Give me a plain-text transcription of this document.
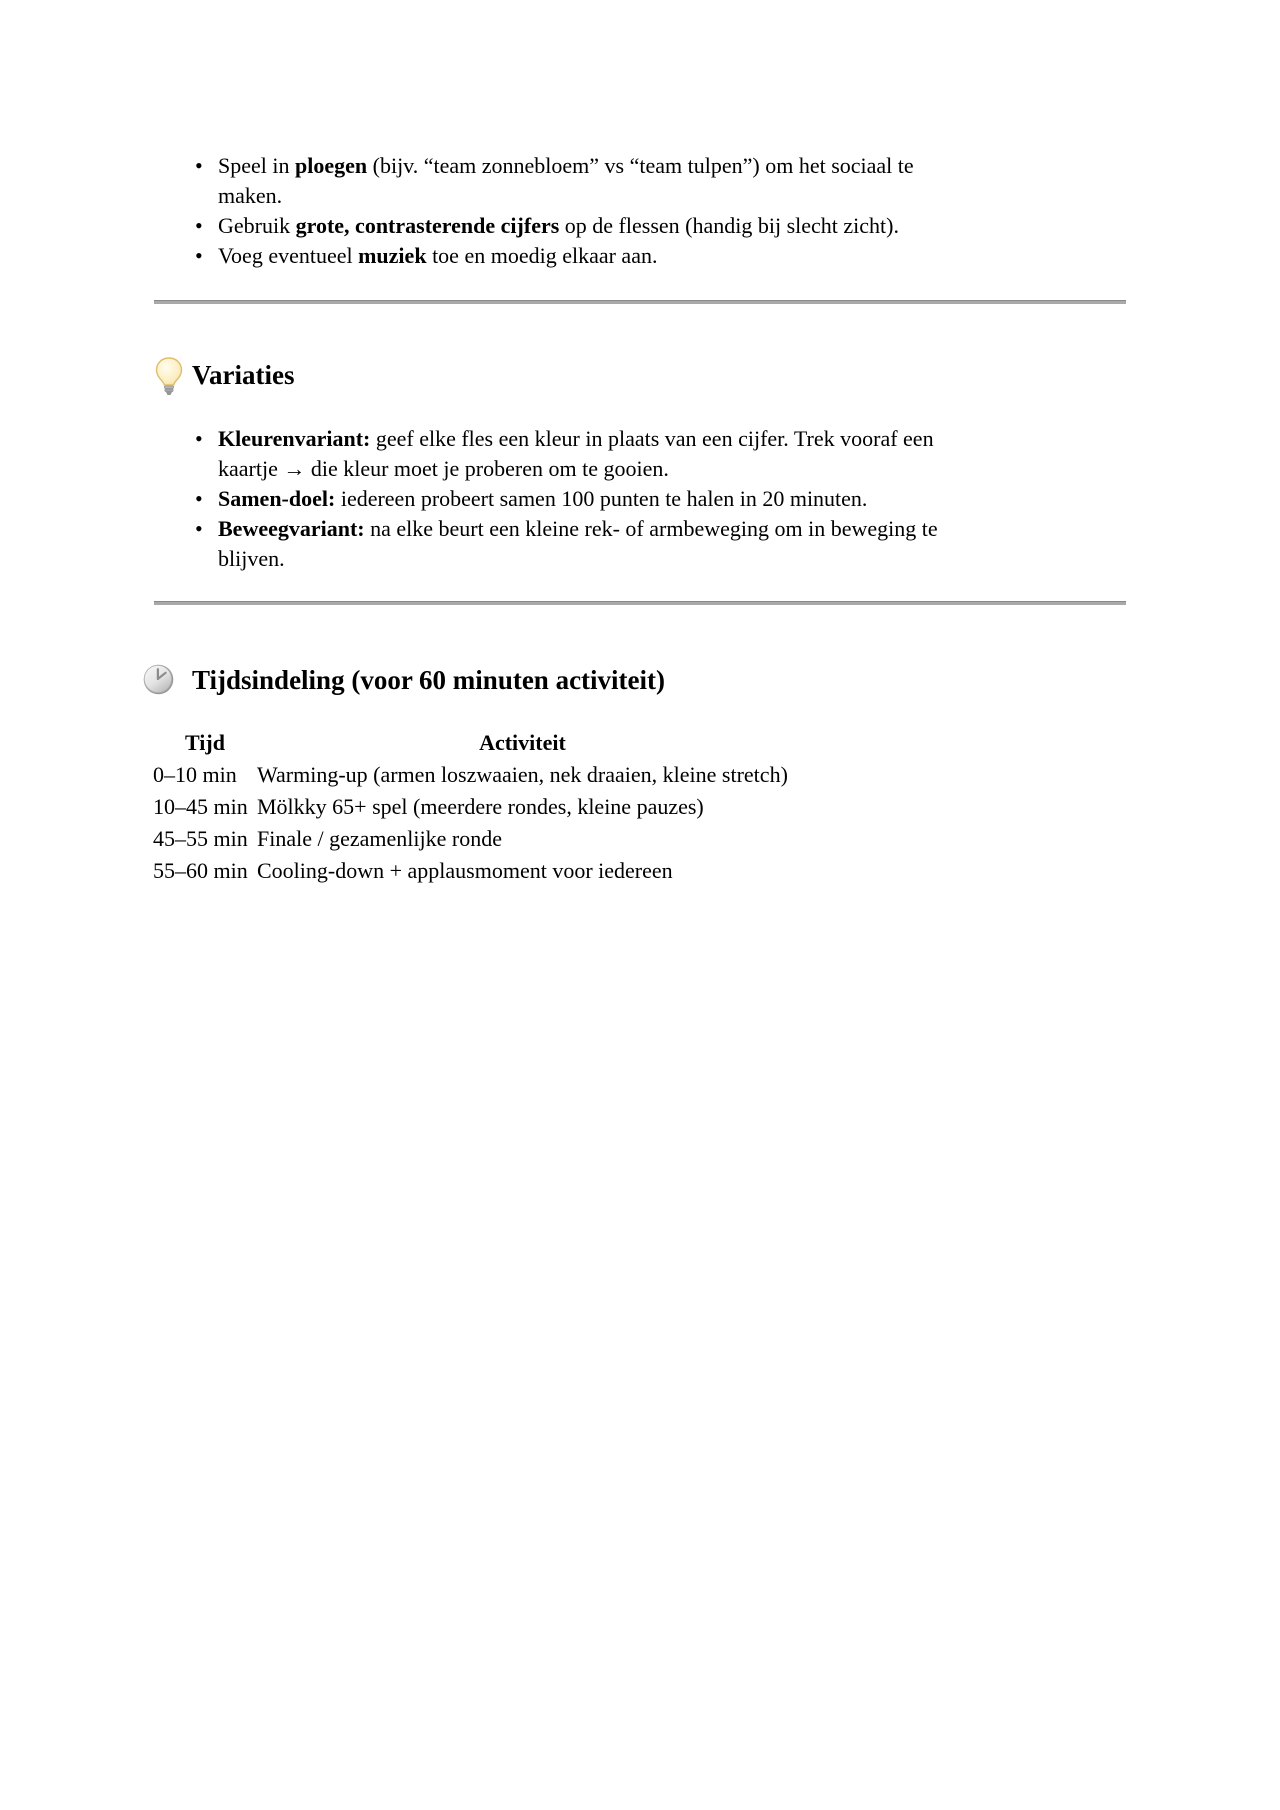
• Speel in ploegen (bijv. “team zonnebloem” vs “team tulpen”) om het sociaal te
maken.
• Gebruik grote, contrasterende cijfers op de flessen (handig bij slecht zicht).
• Voeg eventueel muziek toe en moedig elkaar aan.
Variaties
• Kleurenvariant: geef elke fles een kleur in plaats van een cijfer. Trek vooraf een
kaartje → die kleur moet je proberen om te gooien.
• Samen-doel: iedereen probeert samen 100 punten te halen in 20 minuten.
• Beweegvariant: na elke beurt een kleine rek- of armbeweging om in beweging te
blijven.
Tijdsindeling (voor 60 minuten activiteit)
Tijd	Activiteit
0–10 min	Warming-up (armen loszwaaien, nek draaien, kleine stretch)
10–45 min	Mölkky 65+ spel (meerdere rondes, kleine pauzes)
45–55 min	Finale / gezamenlijke ronde
55–60 min	Cooling-down + applausmoment voor iedereen
